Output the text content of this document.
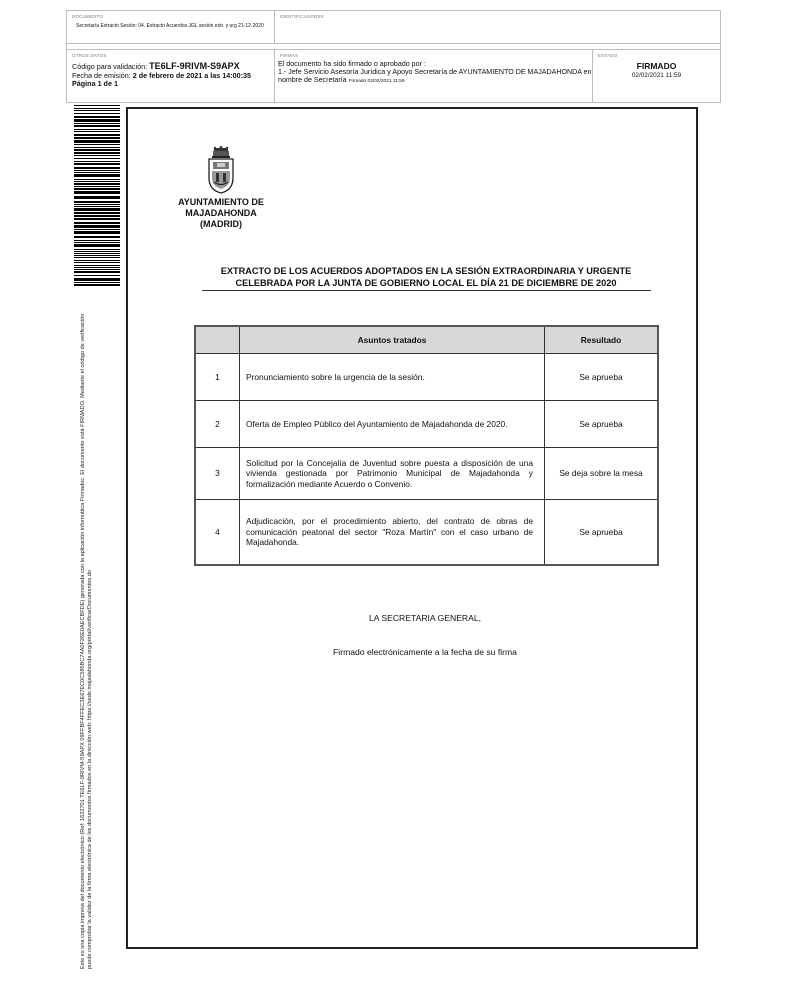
DOCUMENTO
Secretaría Extracto Sesión: 04. Extracto Acuerdos JGL sesión extr. y urg 21-12-2020
IDENTIFICADORES
OTROS DATOS
Código para validación: TE6LF-9RIVM-S9APX
Fecha de emisión: 2 de febrero de 2021 a las 14:00:35
Página 1 de 1
FIRMAS
El documento ha sido firmado o aprobado por :
1.- Jefe Servicio Asesoría Jurídica y Apoyo Secretaría de AYUNTAMIENTO DE MAJADAHONDA en nombre de Secretaría Firmado 02/02/2021 11:59
ESTADO
FIRMADO
02/02/2021 11:59
Este es una copia impresa del documento electrónico (Ref: 1632701 TE6LF-9RIVM-S9APX 09FFBF4FFEC3E67EC0C585BC74A0F26E0AECBFDE) generada con la aplicación informática Firmadoc. El documento está FIRMADO. Mediante el código de verificación puede comprobar la validez de la firma electrónica de los documentos firmados en la dirección web: https://sede.majadahonda.org/portal/verificarDocumentos.do
AYUNTAMIENTO DE
MAJADAHONDA
(MADRID)
EXTRACTO DE LOS ACUERDOS ADOPTADOS EN LA SESIÓN EXTRAORDINARIA Y URGENTE
CELEBRADA POR LA JUNTA DE GOBIERNO LOCAL EL DÍA 21 DE DICIEMBRE DE 2020
	Asuntos tratados	Resultado
1	Pronunciamiento sobre la urgencia de la sesión.	Se aprueba
2	Oferta de Empleo Público del Ayuntamiento de Majadahonda de 2020.	Se aprueba
3	Solicitud por la Concejalía de Juventud sobre puesta a disposición de una vivienda gestionada por Patrimonio Municipal de Majadahonda y formalización mediante Acuerdo o Convenio.	Se deja sobre la mesa
4	Adjudicación, por el procedimiento abierto, del contrato de obras de comunicación peatonal del sector "Roza Martín" con el caso urbano de Majadahonda.	Se aprueba
LA SECRETARIA GENERAL,
Firmado electrónicamente a la fecha de su firma
